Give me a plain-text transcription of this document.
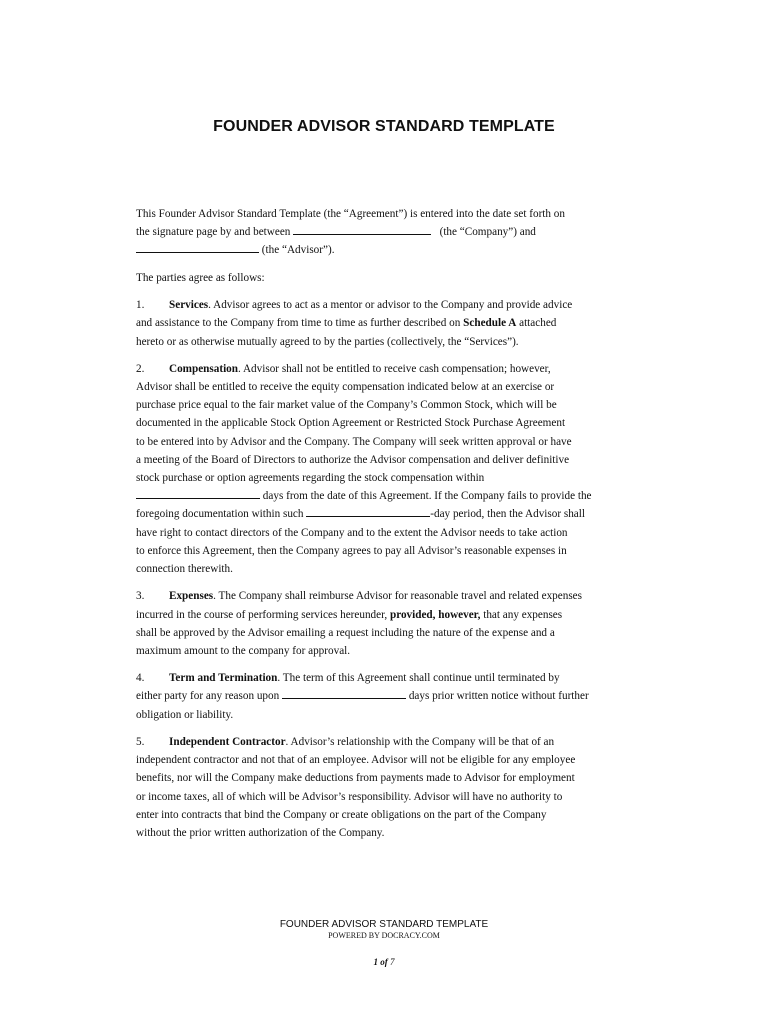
FOUNDER ADVISOR STANDARD TEMPLATE
This Founder Advisor Standard Template (the “Agreement”) is entered into the date set forth on
the signature page by and between	(the “Company”) and
(the “Advisor”).
The parties agree as follows:
1. Services. Advisor agrees to act as a mentor or advisor to the Company and provide advice
and assistance to the Company from time to time as further described on Schedule A attached
hereto or as otherwise mutually agreed to by the parties (collectively, the “Services”).
2. Compensation. Advisor shall not be entitled to receive cash compensation; however,
Advisor shall be entitled to receive the equity compensation indicated below at an exercise or
purchase price equal to the fair market value of the Company’s Common Stock, which will be
documented in the applicable Stock Option Agreement or Restricted Stock Purchase Agreement
to be entered into by Advisor and the Company. The Company will seek written approval or have
a meeting of the Board of Directors to authorize the Advisor compensation and deliver definitive
stock purchase or option agreements regarding the stock compensation within
days from the date of this Agreement. If the Company fails to provide the
foregoing documentation within such	-day period, then the Advisor shall
have right to contact directors of the Company and to the extent the Advisor needs to take action
to enforce this Agreement, then the Company agrees to pay all Advisor’s reasonable expenses in
connection therewith.
3. Expenses. The Company shall reimburse Advisor for reasonable travel and related expenses
incurred in the course of performing services hereunder, provided, however, that any expenses
shall be approved by the Advisor emailing a request including the nature of the expense and a
maximum amount to the company for approval.
4. Term and Termination. The term of this Agreement shall continue until terminated by
either party for any reason upon	days prior written notice without further
obligation or liability.
5. Independent Contractor. Advisor’s relationship with the Company will be that of an
independent contractor and not that of an employee. Advisor will not be eligible for any employee
benefits, nor will the Company make deductions from payments made to Advisor for employment
or income taxes, all of which will be Advisor’s responsibility. Advisor will have no authority to
enter into contracts that bind the Company or create obligations on the part of the Company
without the prior written authorization of the Company.
FOUNDER ADVISOR STANDARD TEMPLATE
POWERED BY DOCRACY.COM
1 of 7
